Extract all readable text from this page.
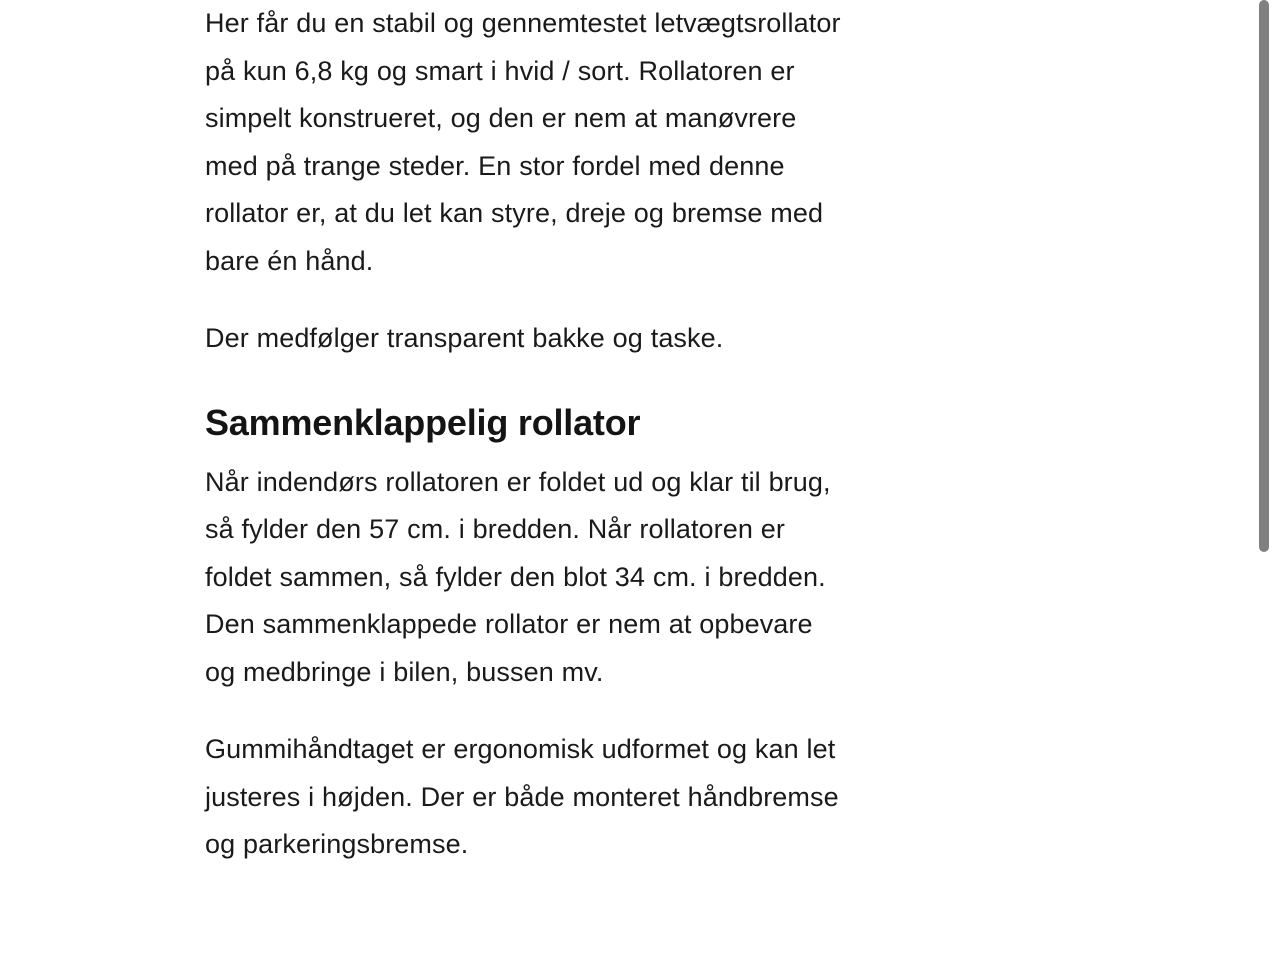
Her får du en stabil og gennemtestet letvægtsrollator på kun 6,8 kg og smart i hvid / sort. Rollatoren er simpelt konstrueret, og den er nem at manøvrere med på trange steder. En stor fordel med denne rollator er, at du let kan styre, dreje og bremse med bare én hånd.

Der medfølger transparent bakke og taske.

Sammenklappelig rollator

Når indendørs rollatoren er foldet ud og klar til brug, så fylder den 57 cm. i bredden. Når rollatoren er foldet sammen, så fylder den blot 34 cm. i bredden. Den sammenklappede rollator er nem at opbevare og medbringe i bilen, bussen mv.

Gummihåndtaget er ergonomisk udformet og kan let justeres i højden. Der er både monteret håndbremse og parkeringsbremse.
